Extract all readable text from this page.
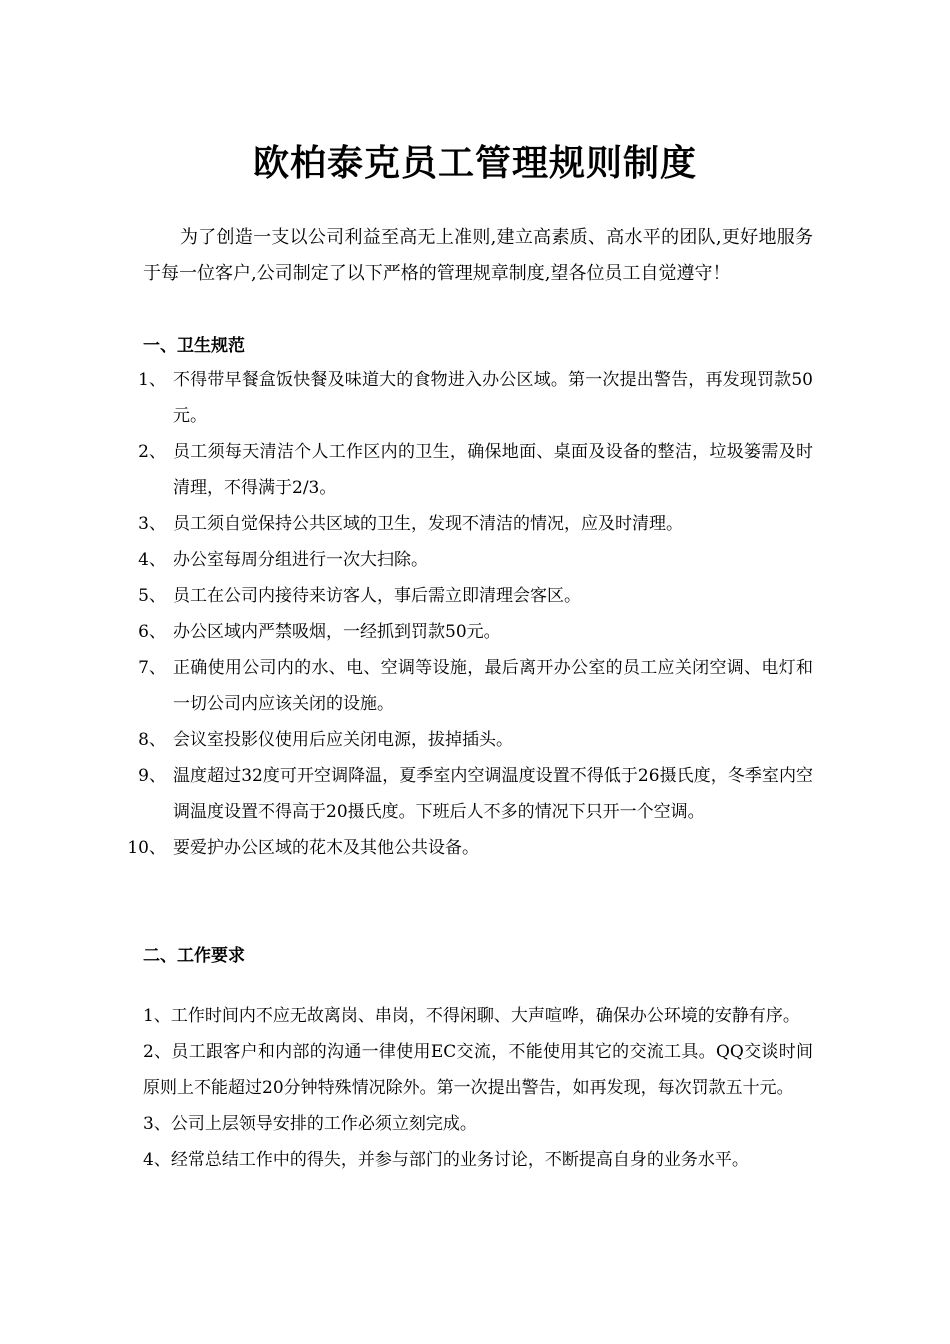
欧柏泰克员工管理规则制度
为了创造一支以公司利益至高无上准则,建立高素质、高水平的团队,更好地服务于每一位客户,公司制定了以下严格的管理规章制度,望各位员工自觉遵守！
一、卫生规范
1、 不得带早餐盒饭快餐及味道大的食物进入办公区域。第一次提出警告，再发现罚款50元。
2、 员工须每天清洁个人工作区内的卫生，确保地面、桌面及设备的整洁，垃圾篓需及时清理，不得满于2/3。
3、 员工须自觉保持公共区域的卫生，发现不清洁的情况，应及时清理。
4、 办公室每周分组进行一次大扫除。
5、 员工在公司内接待来访客人，事后需立即清理会客区。
6、 办公区域内严禁吸烟，一经抓到罚款50元。
7、 正确使用公司内的水、电、空调等设施，最后离开办公室的员工应关闭空调、电灯和一切公司内应该关闭的设施。
8、 会议室投影仪使用后应关闭电源，拔掉插头。
9、 温度超过32度可开空调降温，夏季室内空调温度设置不得低于26摄氏度，冬季室内空调温度设置不得高于20摄氏度。下班后人不多的情况下只开一个空调。
10、 要爱护办公区域的花木及其他公共设备。
二、工作要求
1、工作时间内不应无故离岗、串岗，不得闲聊、大声喧哗，确保办公环境的安静有序。
2、员工跟客户和内部的沟通一律使用EC交流，不能使用其它的交流工具。QQ交谈时间原则上不能超过20分钟特殊情况除外。第一次提出警告，如再发现，每次罚款五十元。
3、公司上层领导安排的工作必须立刻完成。
4、经常总结工作中的得失，并参与部门的业务讨论，不断提高自身的业务水平。
